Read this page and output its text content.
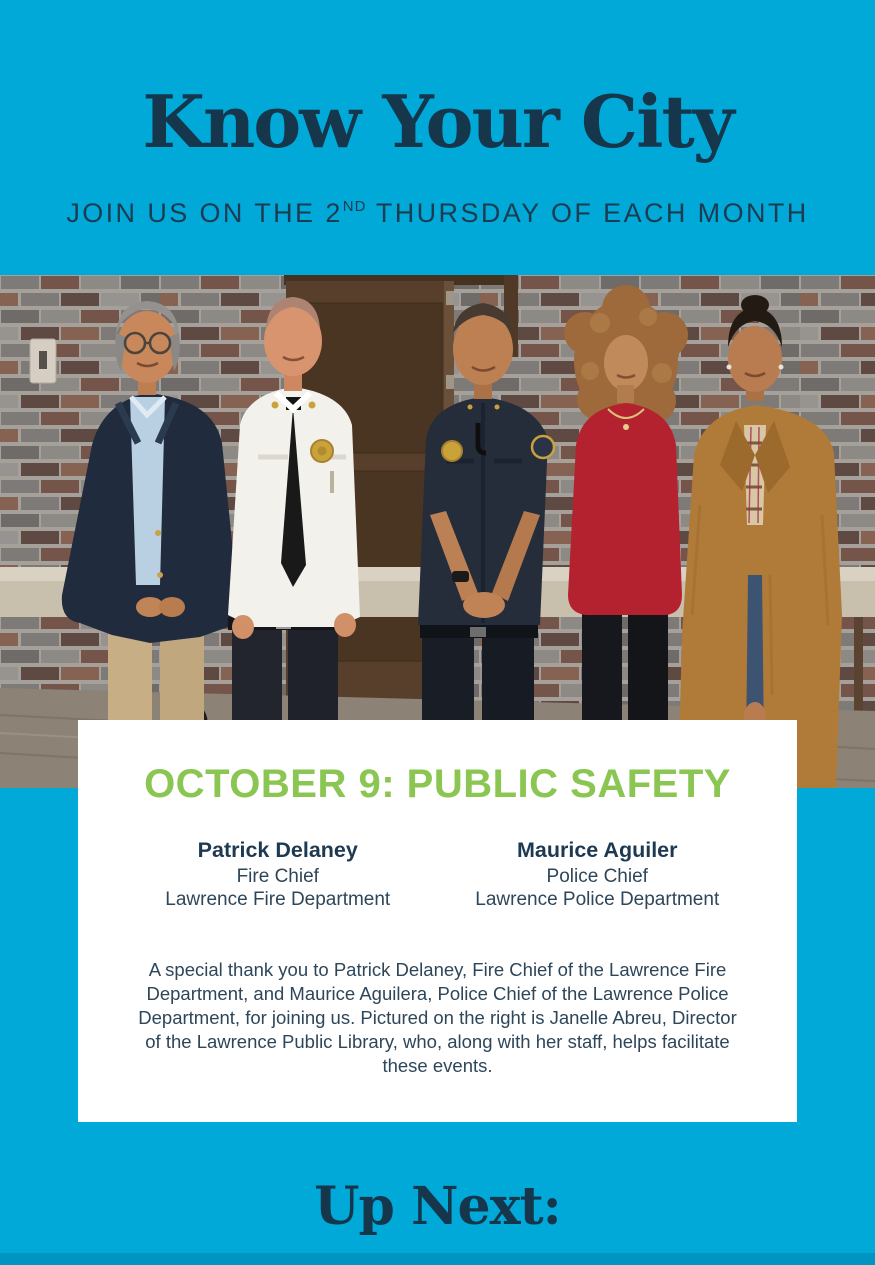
Know Your City
JOIN US ON THE 2ND THURSDAY OF EACH MONTH
OCTOBER 9: PUBLIC SAFETY
Patrick Delaney
Fire Chief
Lawrence Fire Department
Maurice Aguiler
Police Chief
Lawrence Police Department

A special thank you to Patrick Delaney, Fire Chief of the Lawrence Fire Department, and Maurice Aguilera, Police Chief of the Lawrence Police Department, for joining us. Pictured on the right is Janelle Abreu, Director of the Lawrence Public Library, who, along with her staff, helps facilitate these events.

Up Next:
